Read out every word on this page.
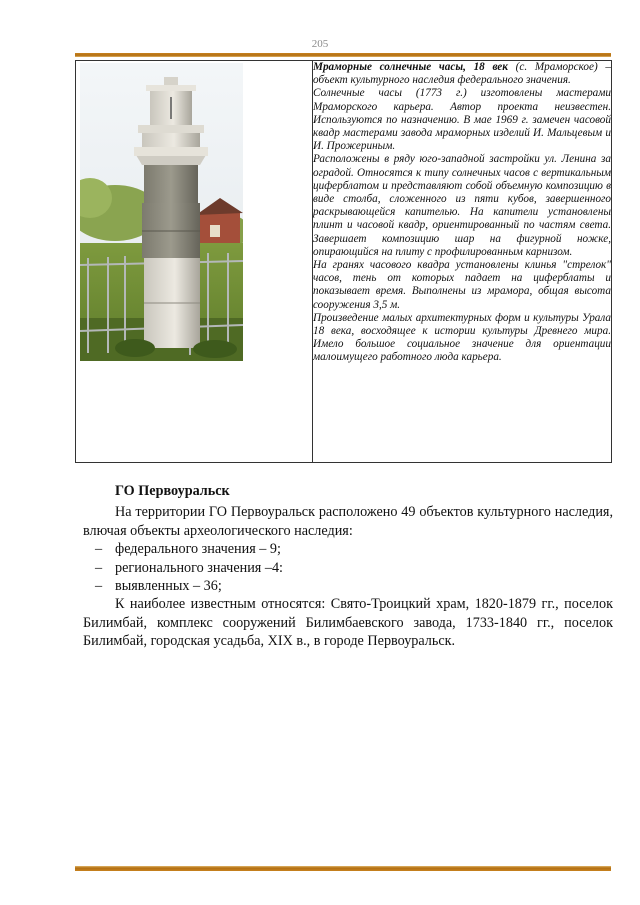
205

Мраморные солнечные часы, 18 век (с. Мраморское) – объект культурного наследия федерального значения.

Солнечные часы (1773 г.) изготовлены мастерами Мраморского карьера. Автор проекта неизвестен. Используются по назначению. В мае 1969 г. замечен часовой квадр мастерами завода мраморных изделий И. Мальцевым и И. Прожериным.

Расположены в ряду юго-западной застройки ул. Ленина за оградой. Относятся к типу солнечных часов с вертикальным циферблатом и представляют собой объемную композицию в виде столба, сложенного из пяти кубов, завершенного раскрывающейся капителью. На капители установлены плинт и часовой квадр, ориентированный по частям света. Завершает композицию шар на фигурной ножке, опирающийся на плиту с профилированным карнизом.

На гранях часового квадра установлены клинья "стрелок" часов, тень от которых падает на циферблаты и показывает время. Выполнены из мрамора, общая высота сооружения 3,5 м.

Произведение малых архитектурных форм и культуры Урала 18 века, восходящее к истории культуры Древнего мира. Имело большое социальное значение для ориентации малоимущего работного люда карьера.

ГО Первоуральск

На территории ГО Первоуральск расположено 49 объектов культурного наследия, влючая объекты археологического наследия:

– федерального значения – 9;
– регионального значения –4:
– выявленных – 36;

К наиболее известным относятся: Свято-Троицкий храм, 1820-1879 гг., поселок Билимбай, комплекс сооружений Билимбаевского завода, 1733-1840 гг., поселок Билимбай, городская усадьба, XIX в., в городе Первоуральск.
